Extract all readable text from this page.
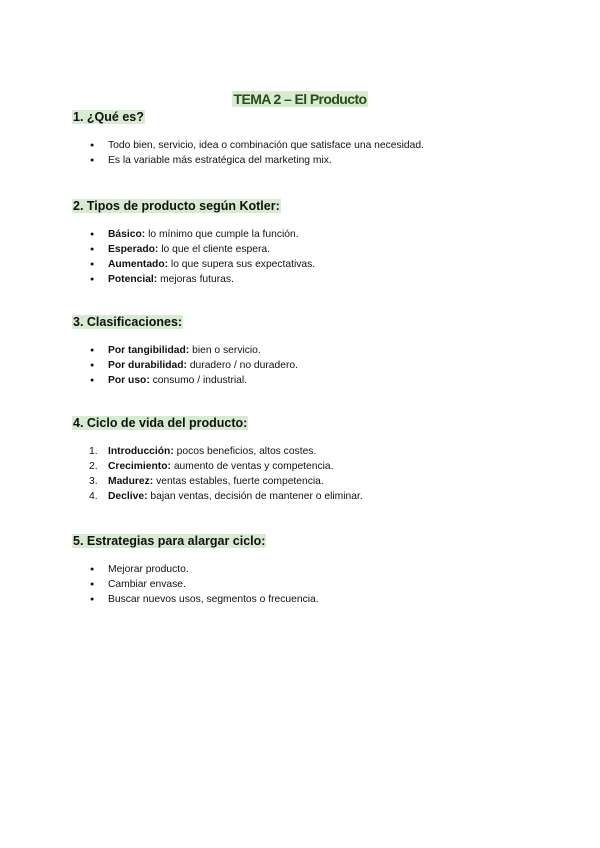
TEMA 2 – El Producto
1. ¿Qué es?
● Todo bien, servicio, idea o combinación que satisface una necesidad.
● Es la variable más estratégica del marketing mix.
2. Tipos de producto según Kotler:
● Básico: lo mínimo que cumple la función.
● Esperado: lo que el cliente espera.
● Aumentado: lo que supera sus expectativas.
● Potencial: mejoras futuras.
3. Clasificaciones:
● Por tangibilidad: bien o servicio.
● Por durabilidad: duradero / no duradero.
● Por uso: consumo / industrial.
4. Ciclo de vida del producto:
1. Introducción: pocos beneficios, altos costes.
2. Crecimiento: aumento de ventas y competencia.
3. Madurez: ventas estables, fuerte competencia.
4. Declive: bajan ventas, decisión de mantener o eliminar.
5. Estrategias para alargar ciclo:
● Mejorar producto.
● Cambiar envase.
● Buscar nuevos usos, segmentos o frecuencia.
